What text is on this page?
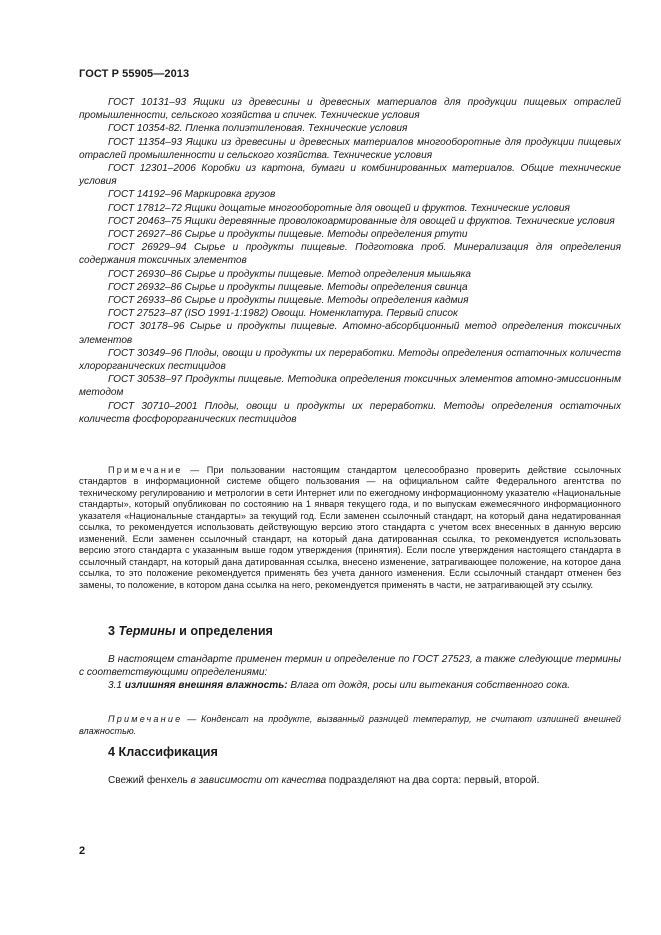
ГОСТ Р 55905—2013

ГОСТ 10131–93 Ящики из древесины и древесных материалов для продукции пищевых отраслей промышленности, сельского хозяйства и спичек. Технические условия

ГОСТ 10354-82. Пленка полиэтиленовая. Технические условия

ГОСТ 11354–93 Ящики из древесины и древесных материалов многооборотные для продукции пищевых отраслей промышленности и сельского хозяйства. Технические условия

ГОСТ 12301–2006 Коробки из картона, бумаги и комбинированных материалов. Общие технические условия

ГОСТ 14192–96 Маркировка грузов

ГОСТ 17812–72 Ящики дощатые многооборотные для овощей и фруктов. Технические условия

ГОСТ 20463–75 Ящики деревянные проволокоармированные для овощей и фруктов. Технические условия

ГОСТ 26927–86 Сырье и продукты пищевые. Методы определения ртути

ГОСТ 26929–94 Сырье и продукты пищевые. Подготовка проб. Минерализация для определения содержания токсичных элементов

ГОСТ 26930–86 Сырье и продукты пищевые. Метод определения мышьяка

ГОСТ 26932–86 Сырье и продукты пищевые. Методы определения свинца

ГОСТ 26933–86 Сырье и продукты пищевые. Методы определения кадмия

ГОСТ 27523–87 (ISO 1991-1:1982) Овощи. Номенклатура. Первый список

ГОСТ 30178–96 Сырье и продукты пищевые. Атомно-абсорбционный метод определения токсичных элементов

ГОСТ 30349–96 Плоды, овощи и продукты их переработки. Методы определения остаточных количеств хлорорганических пестицидов

ГОСТ 30538–97 Продукты пищевые. Методика определения токсичных элементов атомно-эмиссионным методом

ГОСТ 30710–2001 Плоды, овощи и продукты их переработки. Методы определения остаточных количеств фосфорорганических пестицидов

Примечание — При пользовании настоящим стандартом целесообразно проверить действие ссылочных стандартов в информационной системе общего пользования — на официальном сайте Федерального агентства по техническому регулированию и метрологии в сети Интернет или по ежегодному информационному указателю «Национальные стандарты», который опубликован по состоянию на 1 января текущего года, и по выпускам ежемесячного информационного указателя «Национальные стандарты» за текущий год. Если заменен ссылочный стандарт, на который дана недатированная ссылка, то рекомендуется использовать действующую версию этого стандарта с учетом всех внесенных в данную версию изменений. Если заменен ссылочный стандарт, на который дана датированная ссылка, то рекомендуется использовать версию этого стандарта с указанным выше годом утверждения (принятия). Если после утверждения настоящего стандарта в ссылочный стандарт, на который дана датированная ссылка, внесено изменение, затрагивающее положение, на которое дана ссылка, то это положение рекомендуется применять без учета данного изменения. Если ссылочный стандарт отменен без замены, то положение, в котором дана ссылка на него, рекомендуется применять в части, не затрагивающей эту ссылку.

3 Термины и определения

В настоящем стандарте применен термин и определение по ГОСТ 27523, а также следующие термины с соответствующими определениями:

3.1 излишняя внешняя влажность: Влага от дождя, росы или вытекания собственного сока.

Примечание — Конденсат на продукте, вызванный разницей температур, не считают излишней внешней влажностью.

4 Классификация

Свежий фенхель в зависимости от качества подразделяют на два сорта: первый, второй.

2
